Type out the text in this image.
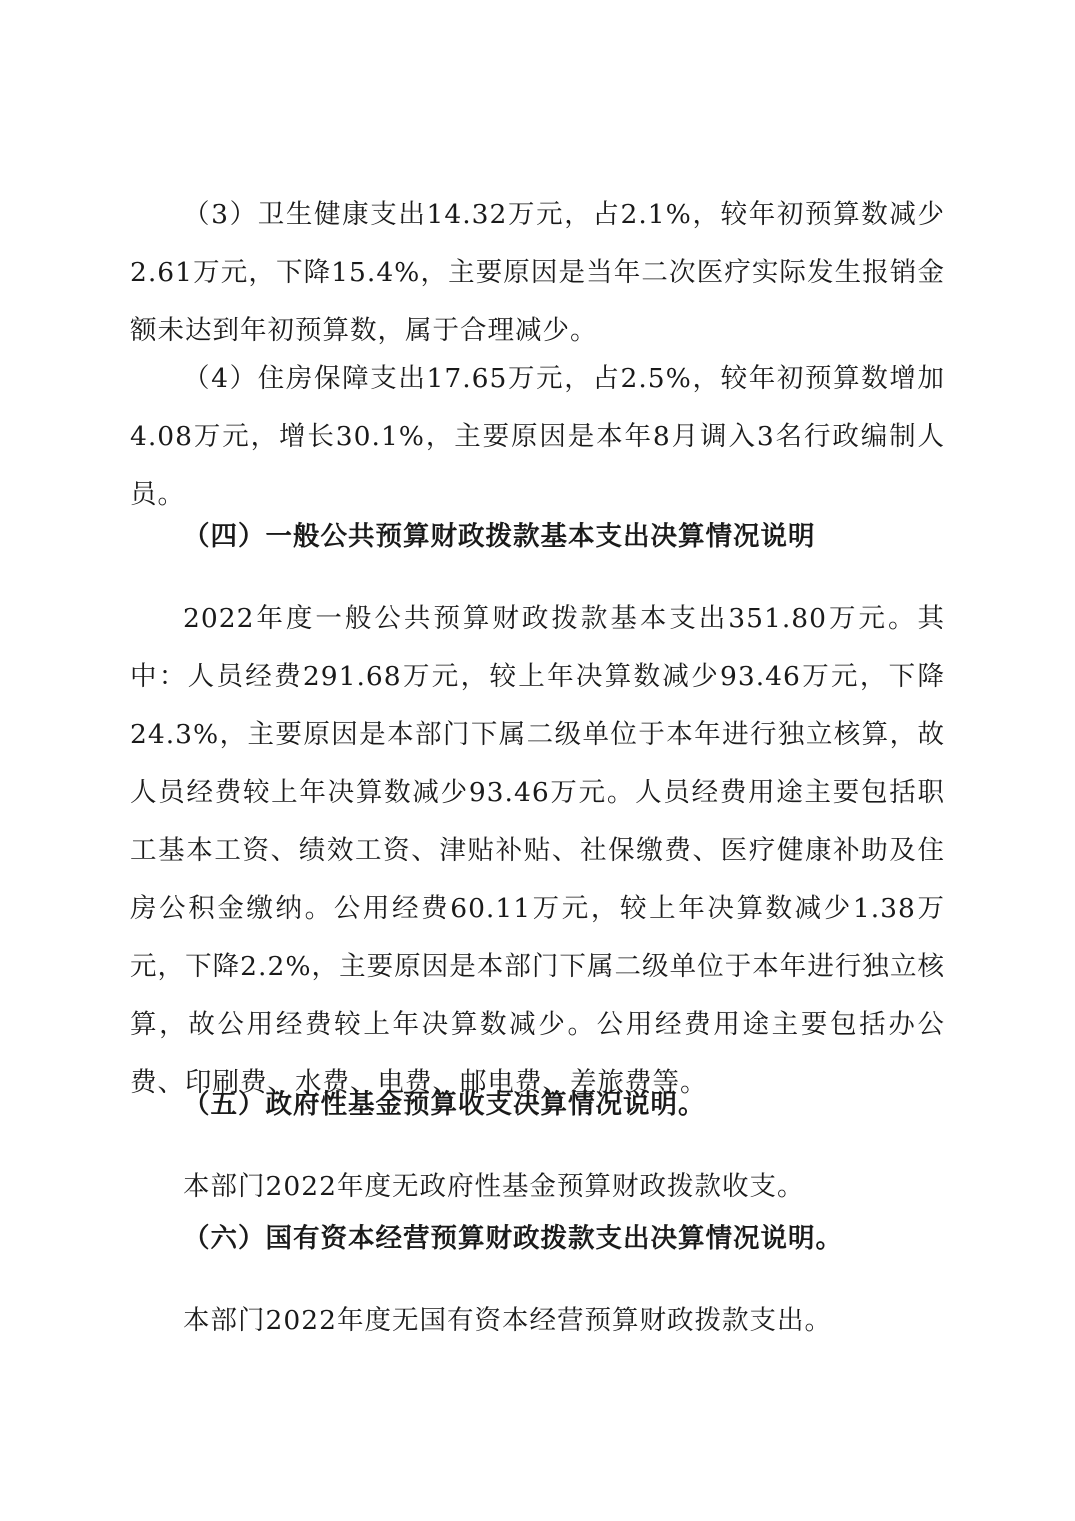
（3）卫生健康支出14.32万元，占2.1%，较年初预算数减少2.61万元，下降15.4%，主要原因是当年二次医疗实际发生报销金额未达到年初预算数，属于合理减少。

（4）住房保障支出17.65万元，占2.5%，较年初预算数增加4.08万元，增长30.1%，主要原因是本年8月调入3名行政编制人员。

（四）一般公共预算财政拨款基本支出决算情况说明

2022年度一般公共预算财政拨款基本支出351.80万元。其中：人员经费291.68万元，较上年决算数减少93.46万元，下降24.3%，主要原因是本部门下属二级单位于本年进行独立核算，故人员经费较上年决算数减少93.46万元。人员经费用途主要包括职工基本工资、绩效工资、津贴补贴、社保缴费、医疗健康补助及住房公积金缴纳。公用经费60.11万元，较上年决算数减少1.38万元，下降2.2%，主要原因是本部门下属二级单位于本年进行独立核算，故公用经费较上年决算数减少。公用经费用途主要包括办公费、印刷费、水费、电费、邮电费、差旅费等。

（五）政府性基金预算收支决算情况说明。

本部门2022年度无政府性基金预算财政拨款收支。

（六）国有资本经营预算财政拨款支出决算情况说明。

本部门2022年度无国有资本经营预算财政拨款支出。
